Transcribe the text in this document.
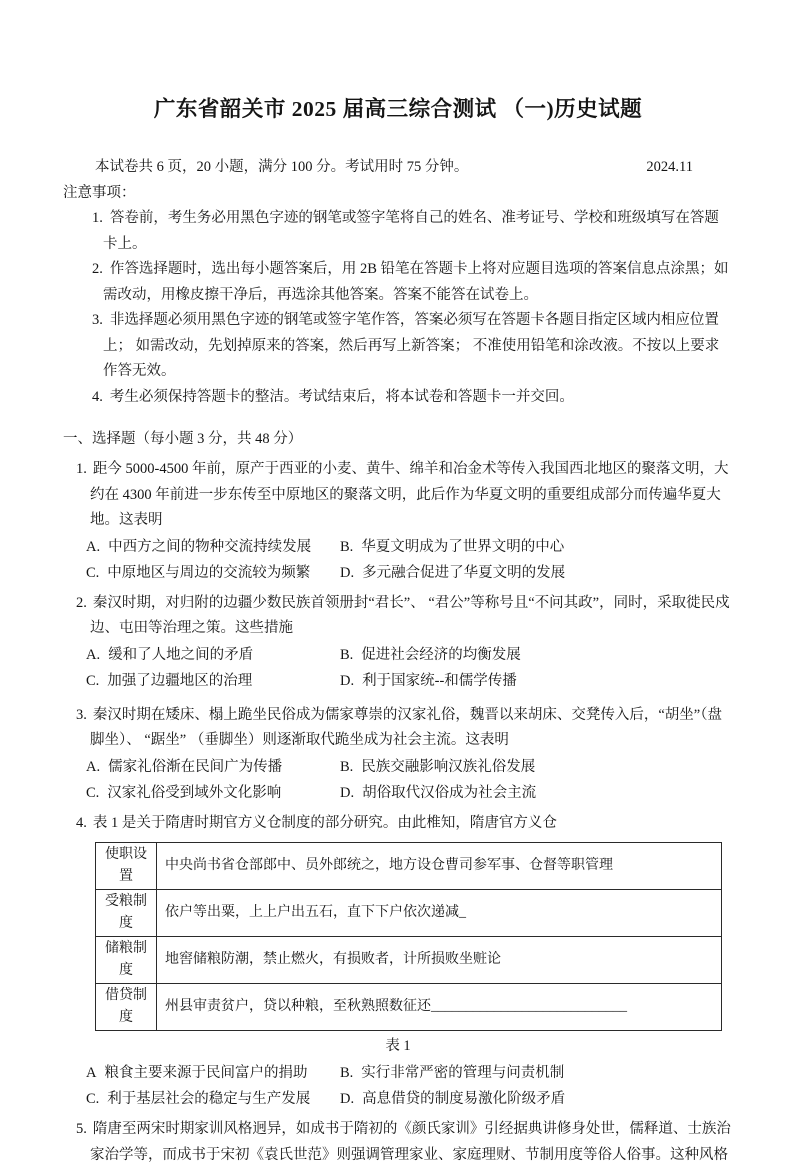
广东省韶关市 2025 届高三综合测试 （一)历史试题
本试卷共 6 页，20 小题，满分 100 分。考试用时 75 分钟。	2024.11
注意事项：
1. 答卷前，考生务必用黑色字迹的钢笔或签字笔将自己的姓名、准考证号、学校和班级填写在答题卡上。
2. 作答选择题时，选出每小题答案后，用 2B 铅笔在答题卡上将对应题目选项的答案信息点涂黑；如需改动，用橡皮擦干净后，再选涂其他答案。答案不能答在试卷上。
3. 非选择题必须用黑色字迹的钢笔或签字笔作答，答案必须写在答题卡各题目指定区域内相应位置上； 如需改动，先划掉原来的答案，然后再写上新答案； 不准使用铅笔和涂改液。不按以上要求作答无效。
4. 考生必须保持答题卡的整洁。考试结束后，将本试卷和答题卡一并交回。
一、选择题（每小题 3 分，共 48 分）
1. 距今 5000-4500 年前，原产于西亚的小麦、黄牛、绵羊和冶金术等传入我国西北地区的聚落文明，大约在 4300 年前进一步东传至中原地区的聚落文明，此后作为华夏文明的重要组成部分而传遍华夏大地。这表明
A. 中西方之间的物种交流持续发展	B. 华夏文明成为了世界文明的中心
C. 中原地区与周边的交流较为频繁	D. 多元融合促进了华夏文明的发展
2. 秦汉时期，对归附的边疆少数民族首领册封“君长”、 “君公”等称号且“不问其政”，同时，采取徙民戍边、屯田等治理之策。这些措施
A. 缓和了人地之间的矛盾	B. 促进社会经济的均衡发展
C. 加强了边疆地区的治理	D. 利于国家统--和儒学传播
3. 秦汉时期在矮床、榻上跪坐民俗成为儒家尊崇的汉家礼俗，魏晋以来胡床、交凳传入后，“胡坐”（盘脚坐）、 “踞坐” （垂脚坐）则逐渐取代跪坐成为社会主流。这表明
A. 儒家礼俗渐在民间广为传播	B. 民族交融影响汉族礼俗发展
C. 汉家礼俗受到域外文化影响	D. 胡俗取代汉俗成为社会主流
4. 表 1 是关于隋唐时期官方义仓制度的部分研究。由此椎知，隋唐官方义仓
使职设置	中央尚书省仓部郎中、员外郎统之，地方设仓曹司参军事、仓督等职管理
受粮制度	依户等出粟，上上户出五石，直下下户依次递减_
储粮制度	地窖储粮防潮，禁止燃火，有损败者，计所损败坐赃论
借贷制度	州县审责贫户，贷以种粮，至秋熟照数征还____________________________
表 1
A 粮食主要来源于民间富户的捐助	B. 实行非常严密的管理与问责机制
C. 利于基层社会的稳定与生产发展	D. 高息借贷的制度易激化阶级矛盾
5. 隋唐至两宋时期家训风格迥异，如成书于隋初的《颜氏家训》引经据典讲修身处世，儒释道、士族治家治学等，而成书于宋初《袁氏世范》则强调管理家业、家庭理财、节制用度等俗人俗事。这种风格
